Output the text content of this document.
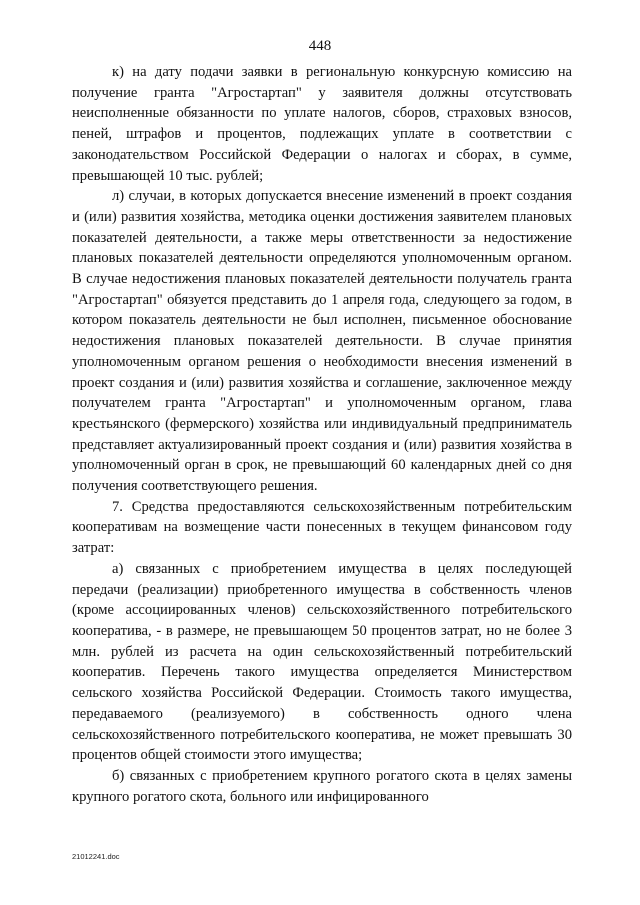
448

к) на дату подачи заявки в региональную конкурсную комиссию на получение гранта "Агростартап" у заявителя должны отсутствовать неисполненные обязанности по уплате налогов, сборов, страховых взносов, пеней, штрафов и процентов, подлежащих уплате в соответствии с законодательством Российской Федерации о налогах и сборах, в сумме, превышающей 10 тыс. рублей;

л) случаи, в которых допускается внесение изменений в проект создания и (или) развития хозяйства, методика оценки достижения заявителем плановых показателей деятельности, а также меры ответственности за недостижение плановых показателей деятельности определяются уполномоченным органом. В случае недостижения плановых показателей деятельности получатель гранта "Агростартап" обязуется представить до 1 апреля года, следующего за годом, в котором показатель деятельности не был исполнен, письменное обоснование недостижения плановых показателей деятельности. В случае принятия уполномоченным органом решения о необходимости внесения изменений в проект создания и (или) развития хозяйства и соглашение, заключенное между получателем гранта "Агростартап" и уполномоченным органом, глава крестьянского (фермерского) хозяйства или индивидуальный предприниматель представляет актуализированный проект создания и (или) развития хозяйства в уполномоченный орган в срок, не превышающий 60 календарных дней со дня получения соответствующего решения.

7. Средства предоставляются сельскохозяйственным потребительским кооперативам на возмещение части понесенных в текущем финансовом году затрат:

а) связанных с приобретением имущества в целях последующей передачи (реализации) приобретенного имущества в собственность членов (кроме ассоциированных членов) сельскохозяйственного потребительского кооператива, - в размере, не превышающем 50 процентов затрат, но не более 3 млн. рублей из расчета на один сельскохозяйственный потребительский кооператив. Перечень такого имущества определяется Министерством сельского хозяйства Российской Федерации. Стоимость такого имущества, передаваемого (реализуемого) в собственность одного члена сельскохозяйственного потребительского кооператива, не может превышать 30 процентов общей стоимости этого имущества;

б) связанных с приобретением крупного рогатого скота в целях замены крупного рогатого скота, больного или инфицированного

21012241.doc
